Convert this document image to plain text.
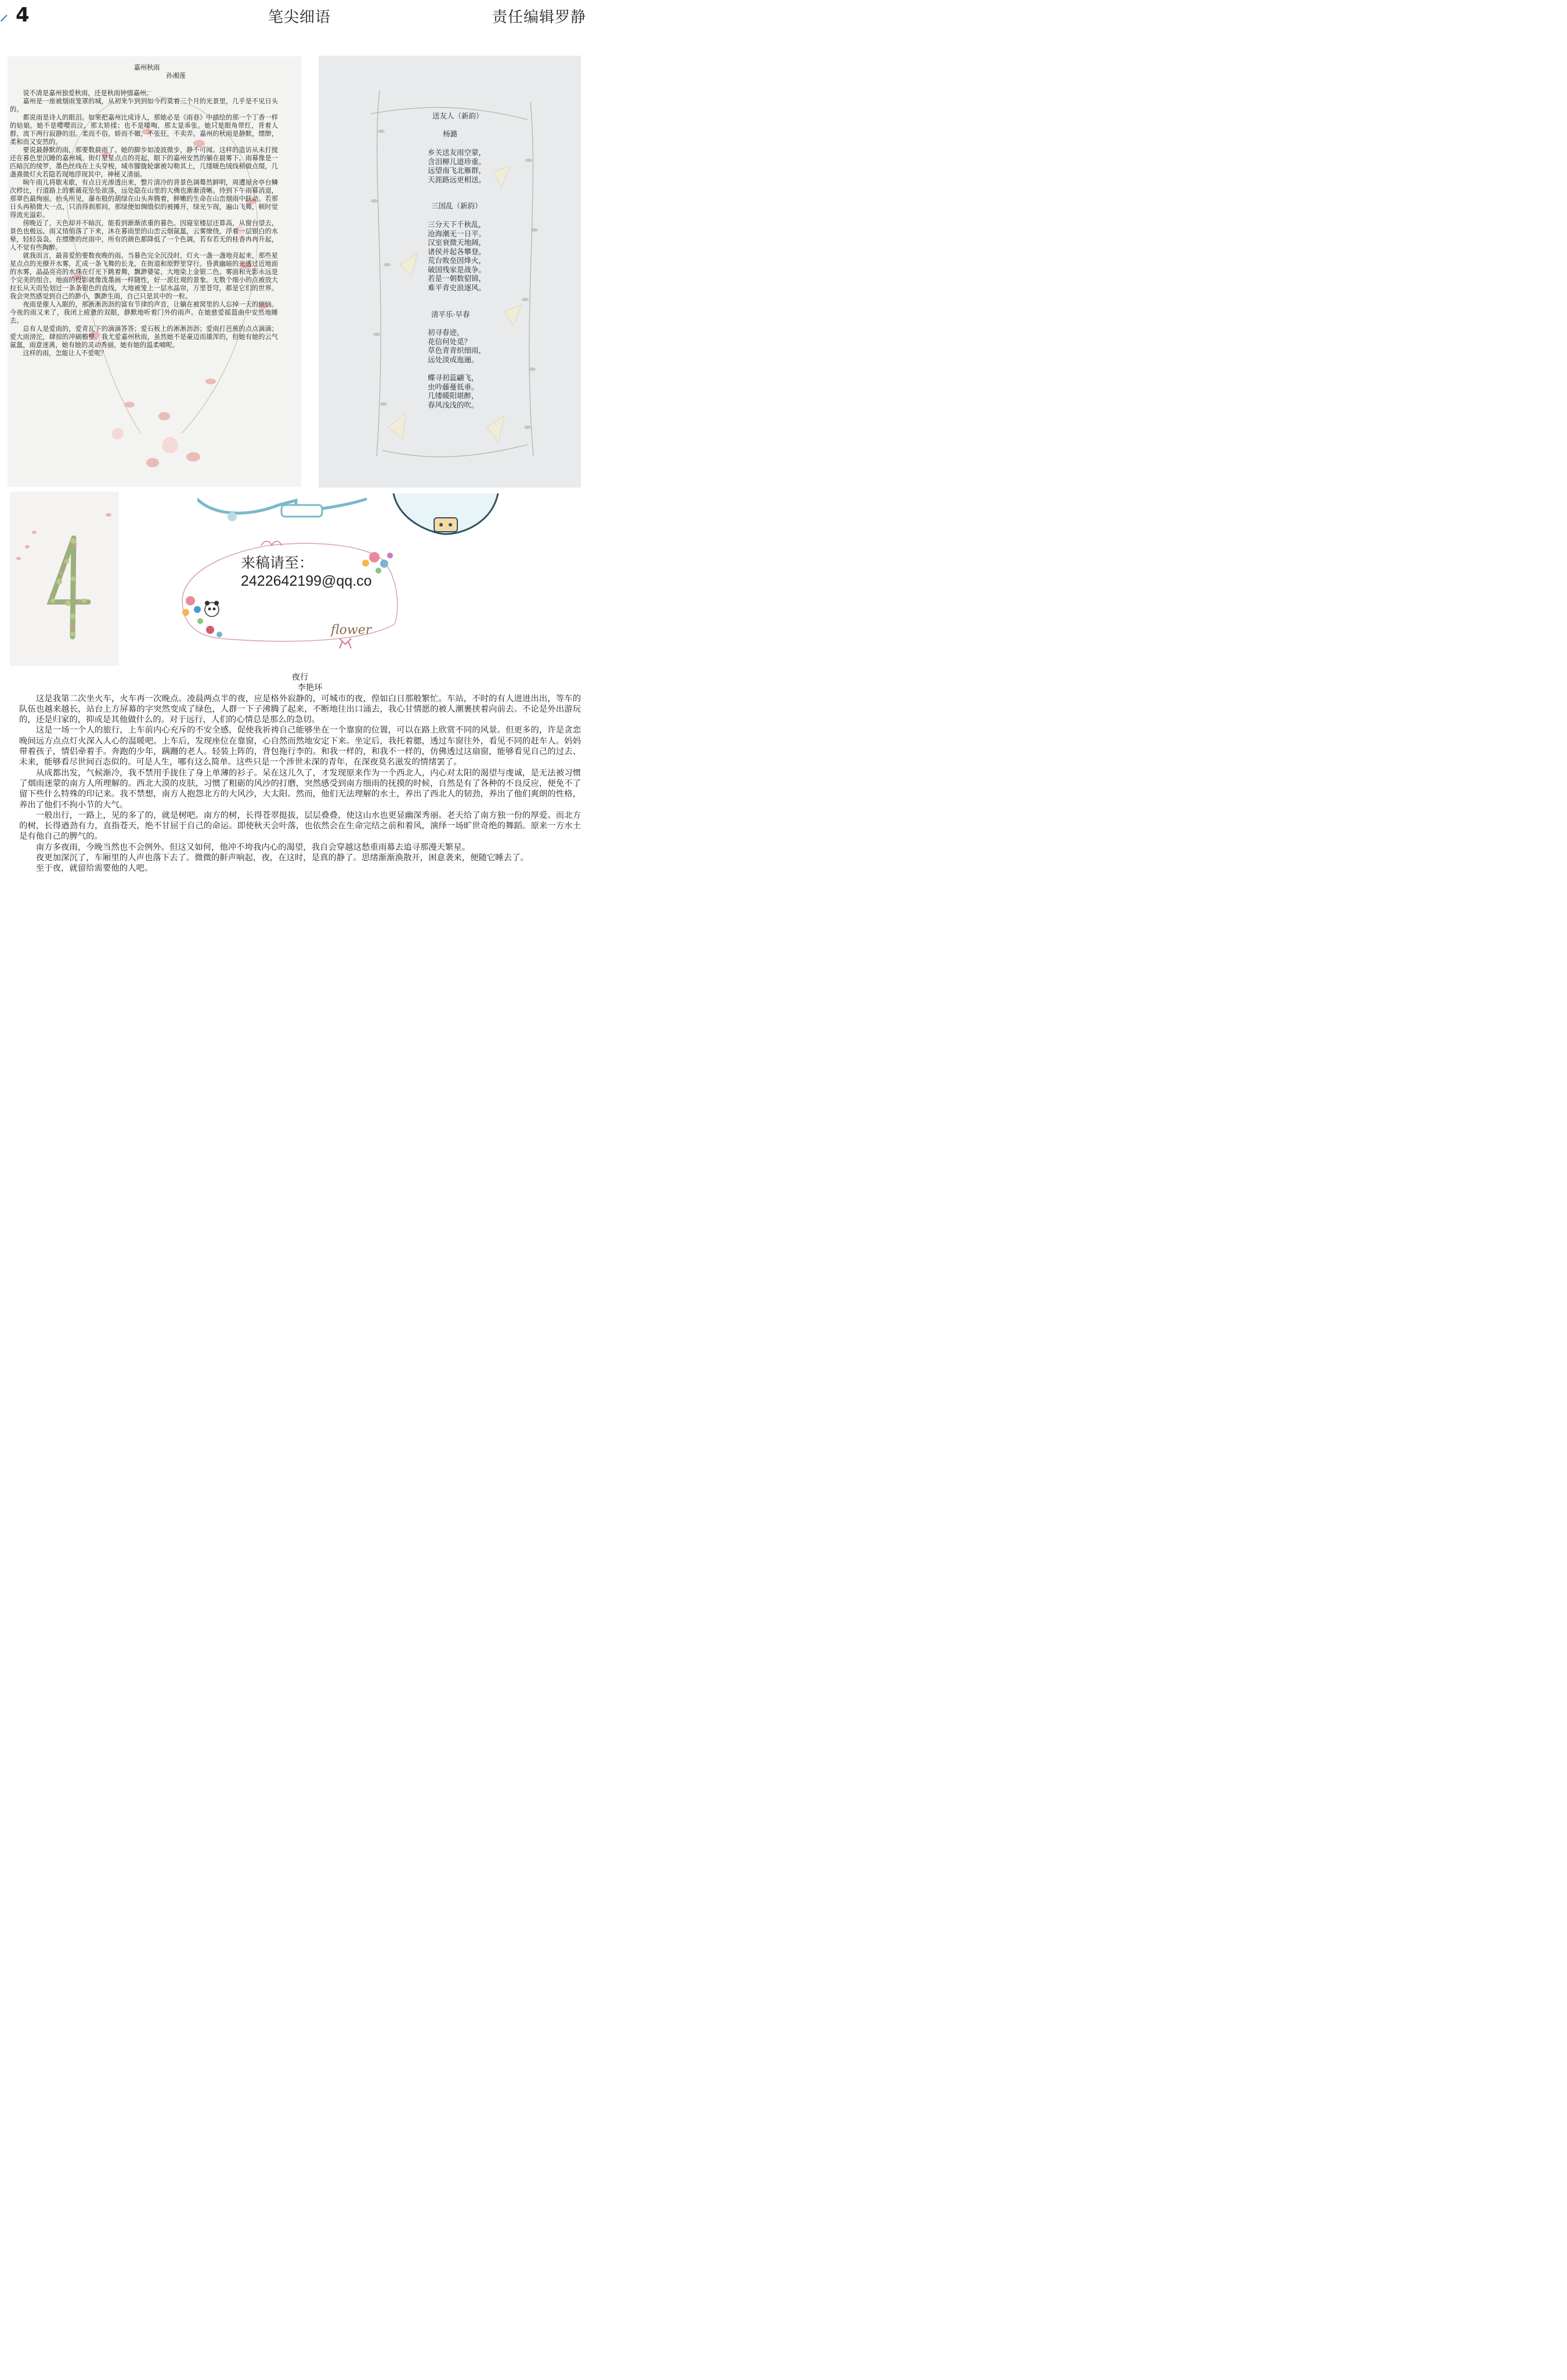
4	笔尖细语	责任编辑罗静
嘉州秋雨
孙湘莲

说不清是嘉州独爱秋雨，还是秋雨钟情嘉州。

嘉州是一座被烟雨笼罩的城，从初来乍到到如今约莫着三个月的光景里，几乎是不见日头的。

都说雨是诗人的眼泪。如果把嘉州比成诗人，那她必是《雨巷》中描绘的那一个丁香一样的姑娘。她不是嘤嘤而泣，那太矫揉；也不是嚎啕，那太显乖张。她只是眼角带红，背着人群，流下两行寂静的泪。柔而不俗，娇而不媚，不张狂，不卖弄。嘉州的秋雨是静默，缥缈，柔和而又安然的。

要说最静默的雨，那要数晨雨了。她的脚步如凌波微步，静不可闻。这样的造访从未打搅还在暮色里沉睡的嘉州城。街灯星星点点的亮起，眼下的嘉州安然的躺在晨雾下。雨幕像是一匹暗沉的绫罗，墨色丝线在上头穿梭，城市朦胧轮廓被勾勒其上，几缕暖色绒线稍做点缀，几盏熹微灯火若隐若现地浮现其中，神秘又清丽。

晌午雨儿将歇未歇，有点日光渗透出来，整片清冷的背景色调蓦然鲜明，周遭屋舍亭台鳞次栉比，行道路上的紫薇花坠坠欲落，远处隐在山里的大佛也渐渐清晰。待到下午雨幕消退，那翠色最绚丽。抬头所见，瀑布般的葫绿在山头奔腾着，鲜嫩的生命在山峦烟雨中跃动。若那日头再稍微大一点，只消得刹那间，那绿便如绸缎似的被摊开，绿光乍现，遍山飞舞，顿时觉得流光溢彩。

傍晚近了，天色却并不暗沉，能看到渐渐浓重的暮色。因寝室楼层还算高，从窗台望去，景色也极远。雨又悄悄落了下来，沐在暮雨里的山峦云烟氤氲，云雾缭绕，浮着一层银白的水晕，轻轻袅袅。在缥缈的丝雨中，所有的颜色都降低了一个色调，若有若无的桂香冉冉升起，人不觉有些陶醉。

就我而言，最喜爱的要数夜晚的雨。当暮色完全沉没时，灯火一盏一盏地亮起来，那些星星点点的光撩开水雾，汇成一条飞舞的长龙，在街道和原野里穿行。昏黄幽暗的光透过近地面的水雾，晶晶亮亮的水珠在灯光下跳着舞，飘渺婆娑，大地染上金银二色。雾面和光影永远是个完美的组合。地面的投影就像泼墨画一样随性，好一派壮观的景象。无数个细小的点被放大拉长从天而坠划过一条条银色的直线，大地被笼上一层水晶帘，万里苍穹，都是它们的世界。我会突然感觉到自己的渺小，飘渺生雨，自己只是其中的一粒。

夜雨是催人入眠的，那淅淅沥沥的富有节律的声音，让躺在被窝里的人忘掉一天的烦恼。今夜的雨又来了，我闭上疲惫的双眼，静默地听着门外的雨声。在她慈爱摇篮曲中安然地睡去。

总有人是爱雨的，爱青瓦下的滴滴答答；爱石板上的淅淅沥沥；爱雨打芭蕉的点点滴滴；爱大雨滂沱，肆掠的冲刷檐壁。我尤爱嘉州秋雨，虽然她不是豪迈而雄浑的，但她有她的云气氤氲，雨意迷离，她有她的灵动秀丽，她有她的温柔喃呢。

这样的雨，怎能让人不爱呢？

送友人（新韵）
杨潞
乡关送友雨空蒙，
含泪柳儿道珍重。
远望南飞北雁群，
天涯路远更相送。
三国乱（新韵）
三分天下千秋乱，
沧海潮无一日平。
汉室衰微天地阔，
诸侯并起各攀登。
荒台败垒因烽火，
破国残家是战争。
若是一朝数貂锦，
难平青史浪逐风。
清平乐·早春
初寻春迹，
花信何处觅？
草色青青织细雨，
远处淡成迤逦。
蝶寻初蕊翩飞，
虫吟藤蔓低垂。
几缕暖阳堪醉，
春风浅浅的吹。
flower
来稿请至：
2422642199@qq.co
夜行
李艳环

这是我第二次坐火车，火车再一次晚点。凌晨两点半的夜，应是格外寂静的，可城市的夜，偟如白日那般繁忙。车站，不时的有人进进出出，等车的队伍也越来越长，站台上方屏幕的字突然变成了绿色，人群一下子沸腾了起来，不断地往出口涌去，我心甘情愿的被人潮裹挟着向前去。不论是外出游玩的，还是归家的，抑或是其他做什么的。对于远行，人们的心情总是那么的急切。

这是一场一个人的旅行，上车前内心充斥的不安全感，促使我祈祷自己能够坐在一个靠窗的位置，可以在路上欣赏不同的风景。但更多的，许是贪恋晚间远方点点灯火深入人心的温暖吧。上车后，发现座位在靠窗，心自然而然地安定下来。坐定后，我托着腮，透过车窗往外，看见不同的赶车人。妈妈带着孩子，情侣牵着手。奔跑的少年，蹒跚的老人。轻装上阵的，背包拖行李的。和我一样的，和我不一样的，仿佛透过这扇窗，能够看见自己的过去、未来，能够看尽世间百态似的。可是人生，哪有这么简单。这些只是一个涉世未深的青年，在深夜莫名滋发的情绪罢了。

从成都出发，气候渐冷，我不禁用手拢住了身上单薄的衫子。呆在这儿久了，才发现原来作为一个西北人，内心对太阳的渴望与虔诚，是无法被习惯了烟雨迷蒙的南方人所理解的。西北大漠的皮肤，习惯了粗砺的风沙的打磨，突然感受到南方细雨的抚摸的时候，自然是有了各种的不良反应，便免不了留下些什么特殊的印记来。我不禁想，南方人抱怨北方的大风沙，大太阳。然而，他们无法理解的水土，养出了西北人的韧劲，养出了他们爽朗的性格，养出了他们不拘小节的大气。

一般出行，一路上，见的多了的，就是树吧。南方的树，长得苍翠挺拔，层层叠叠，使这山水也更显幽深秀丽。老天给了南方独一份的厚爱。而北方的树，长得遒劲有力，直指苍天，绝不甘屈于自己的命运。即使秋天会叶落，也依然会在生命完结之前和着风，演绎一场旷世奇绝的舞蹈。原来一方水土是有他自己的脾气的。

南方多夜雨，今晚当然也不会例外。但这又如何，他冲不垮我内心的渴望，我自会穿越这愁重雨幕去追寻那漫天繁星。

夜更加深沉了，车厢里的人声也落下去了。微微的鼾声响起，夜，在这时，是真的静了。思绪渐渐涣散开，困意袭来，便随它睡去了。

至于夜，就留给需要他的人吧。
